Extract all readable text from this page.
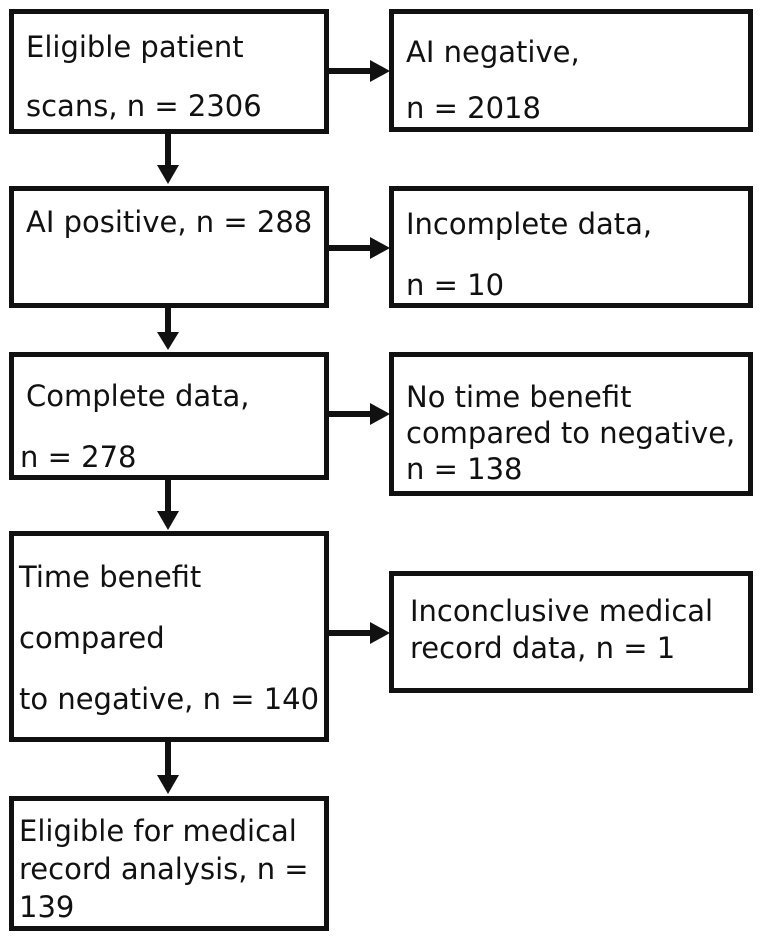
Eligible patient
scans, n = 2306
AI negative,
n = 2018
AI positive, n = 288	Incomplete data,
n = 10
Complete data,
n = 278
No time benefit
compared to negative,
n = 138
Time benefit
compared
to negative, n = 140
Inconclusive medical
record data, n = 1
Eligible for medical
record analysis, n =
139
